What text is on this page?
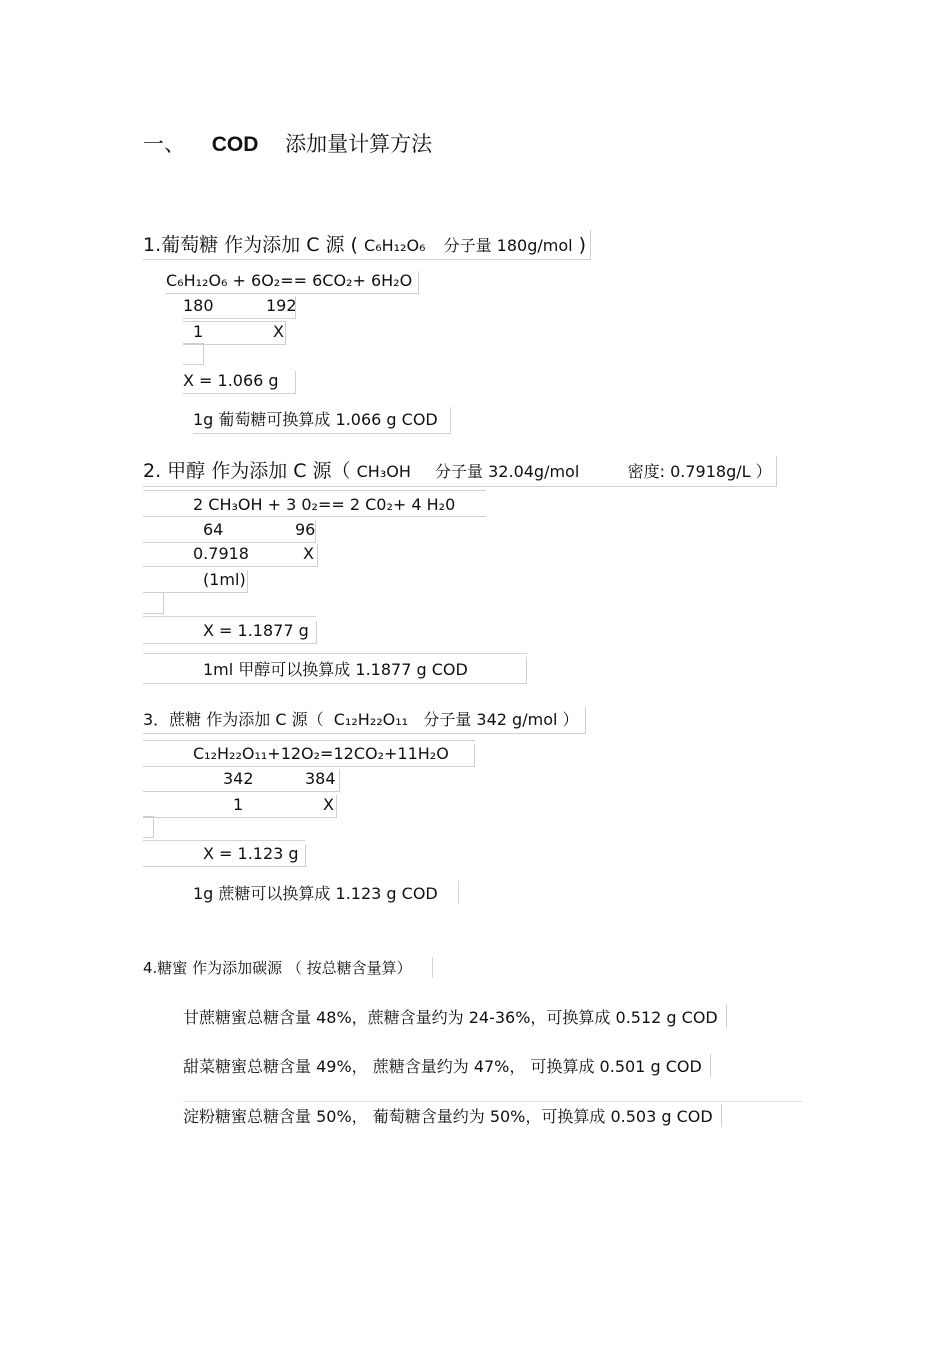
一、 COD 添加量计算方法
1.葡萄糖 作为添加 C 源 ( C₆H₁₂O₆ 分子量 180g/mol )
C₆H₁₂O₆ + 6O₂== 6CO₂+ 6H₂O
180	192
1	X
X = 1.066 g
1g 葡萄糖可换算成 1.066 g COD
2. 甲醇 作为添加 C 源（ CH₃OH 分子量 32.04g/mol	密度: 0.7918g/L ）
2 CH₃OH + 3 0₂== 2 C0₂+ 4 H₂0
64	96
0.7918	X
(1ml)
X = 1.1877 g
1ml 甲醇可以换算成 1.1877 g COD
3．蔗糖 作为添加 C 源（ C₁₂H₂₂O₁₁ 分子量 342 g/mol ）
C₁₂H₂₂O₁₁+12O₂=12CO₂+11H₂O
342	384
1	X
X = 1.123 g
1g 蔗糖可以换算成 1.123 g COD
4.糖蜜 作为添加碳源 （ 按总糖含量算）
甘蔗糖蜜总糖含量 48%，蔗糖含量约为 24-36%，可换算成 0.512 g COD
甜菜糖蜜总糖含量 49%， 蔗糖含量约为 47%， 可换算成 0.501 g COD
淀粉糖蜜总糖含量 50%， 葡萄糖含量约为 50%，可换算成 0.503 g COD
